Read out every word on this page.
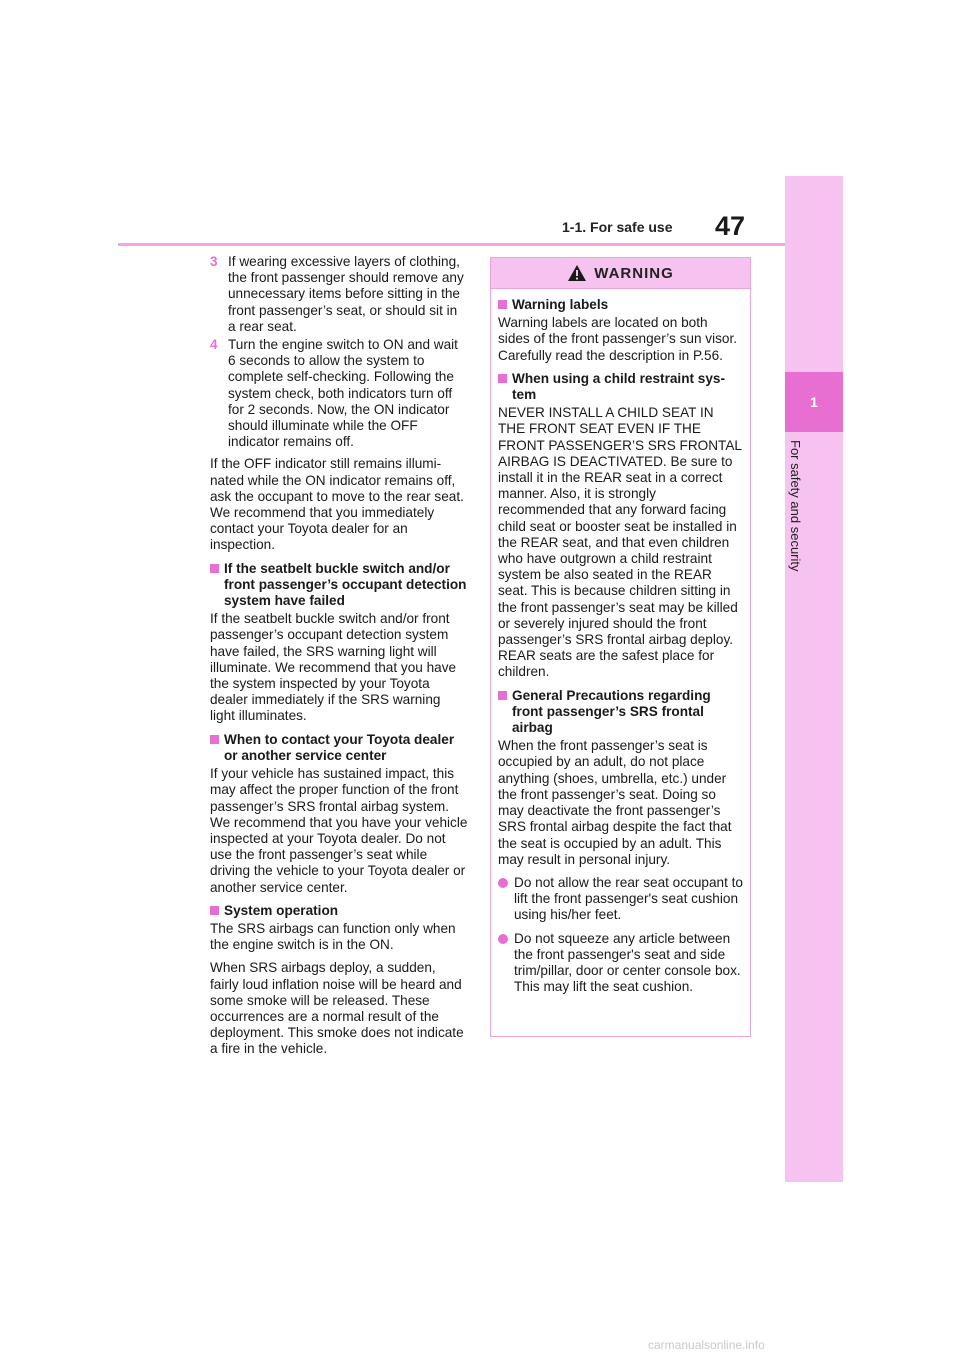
1
For safety and security
1-1. For safe use 47
3 If wearing excessive layers of clothing, the front passenger should remove any unnecessary items before sitting in the front passenger’s seat, or should sit in a rear seat.
4 Turn the engine switch to ON and wait 6 seconds to allow the system to complete self-checking. Following the system check, both indicators turn off for 2 seconds. Now, the ON indicator should illuminate while the OFF indicator remains off.

If the OFF indicator still remains illuminated while the ON indicator remains off, ask the occupant to move to the rear seat. We recommend that you immediately contact your Toyota dealer for an inspection.

If the seatbelt buckle switch and/or front passenger’s occupant detection system have failed

If the seatbelt buckle switch and/or front passenger’s occupant detection system have failed, the SRS warning light will illuminate. We recommend that you have the system inspected by your Toyota dealer immediately if the SRS warning light illuminates.

When to contact your Toyota dealer or another service center

If your vehicle has sustained impact, this may affect the proper function of the front passenger’s SRS frontal airbag system. We recommend that you have your vehicle inspected at your Toyota dealer. Do not use the front passenger’s seat while driving the vehicle to your Toyota dealer or another service center.

System operation

The SRS airbags can function only when the engine switch is in the ON.

When SRS airbags deploy, a sudden, fairly loud inflation noise will be heard and some smoke will be released. These occurrences are a normal result of the deployment. This smoke does not indicate a fire in the vehicle.

WARNING
Warning labels

Warning labels are located on both sides of the front passenger’s sun visor. Carefully read the description in P.56.

When using a child restraint system

NEVER INSTALL A CHILD SEAT IN THE FRONT SEAT EVEN IF THE FRONT PASSENGER’S SRS FRONTAL AIRBAG IS DEACTIVATED. Be sure to install it in the REAR seat in a correct manner. Also, it is strongly recommended that any forward facing child seat or booster seat be installed in the REAR seat, and that even children who have outgrown a child restraint system be also seated in the REAR seat. This is because children sitting in the front passenger’s seat may be killed or severely injured should the front passenger’s SRS frontal airbag deploy. REAR seats are the safest place for children.

General Precautions regarding front passenger’s SRS frontal airbag

When the front passenger’s seat is occupied by an adult, do not place anything (shoes, umbrella, etc.) under the front passenger’s seat. Doing so may deactivate the front passenger’s SRS frontal airbag despite the fact that the seat is occupied by an adult. This may result in personal injury.

Do not allow the rear seat occupant to lift the front passenger's seat cushion using his/her feet.
Do not squeeze any article between the front passenger's seat and side trim/pillar, door or center console box. This may lift the seat cushion.
carmanualsonline.info
